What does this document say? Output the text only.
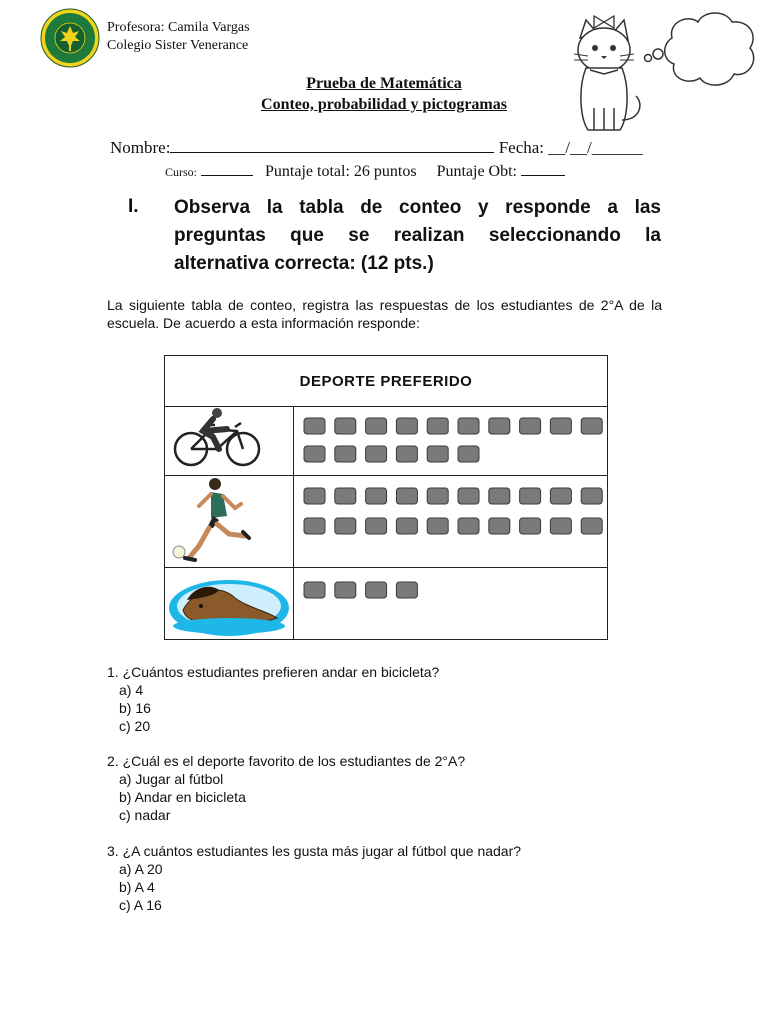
Profesora: Camila Vargas
Colegio Sister Venerance
Prueba de Matemática
Conteo, probabilidad y pictogramas
Nombre:	Fecha: __/__/______
Curso:	Puntaje total: 26 puntos Puntaje Obt:
I. Observa la tabla de conteo y responde a las preguntas que se realizan seleccionando la alternativa correcta: (12 pts.)
La siguiente tabla de conteo, registra las respuestas de los estudiantes de 2°A de la escuela. De acuerdo a esta información responde:
DEPORTE PREFERIDO
1. ¿Cuántos estudiantes prefieren andar en bicicleta?
a) 4
b) 16
c) 20
2. ¿Cuál es el deporte favorito de los estudiantes de 2°A?
a) Jugar al fútbol
b) Andar en bicicleta
c) nadar
3. ¿A cuántos estudiantes les gusta más jugar al fútbol que nadar?
a) A 20
b) A 4
c) A 16
